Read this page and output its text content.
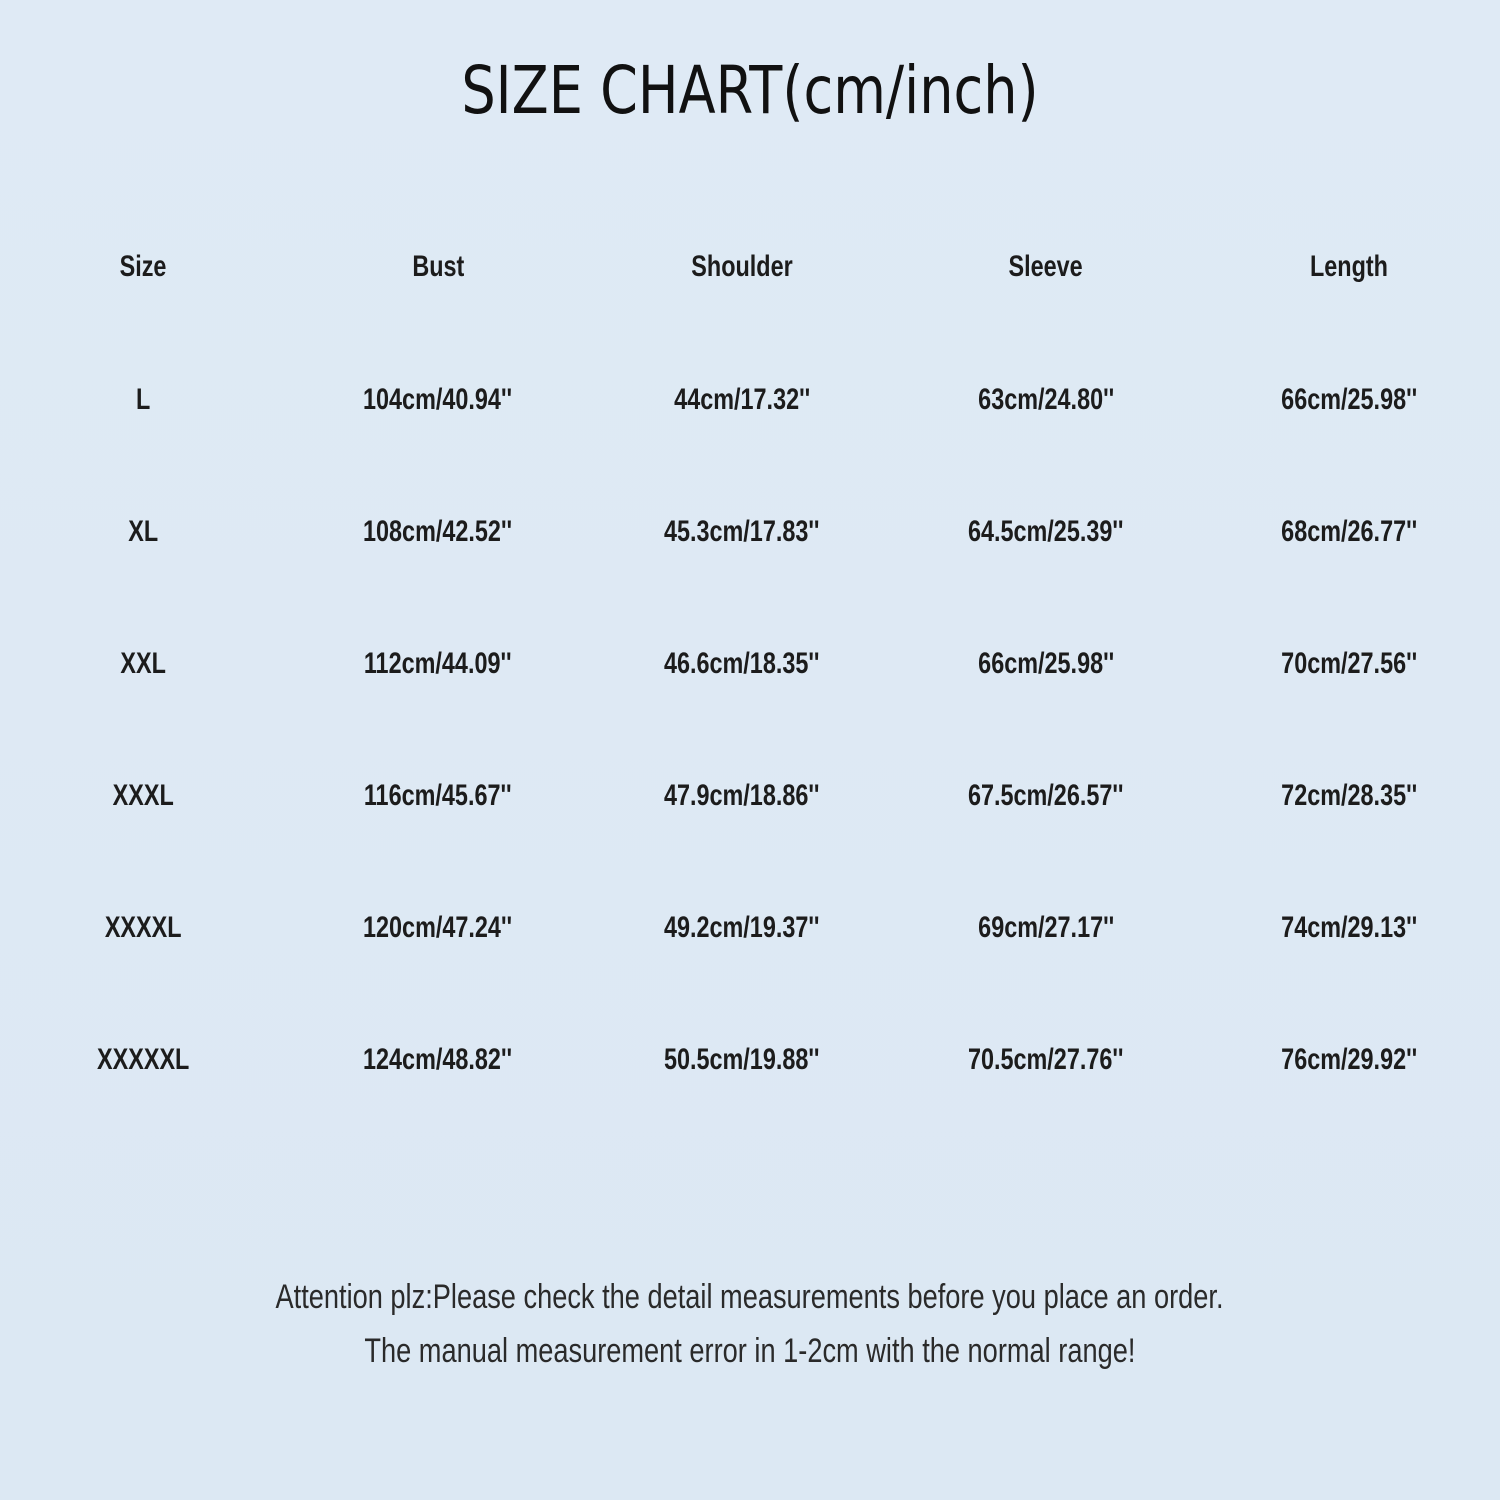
SIZE CHART(cm/inch)
Size	Bust	Shoulder	Sleeve	Length
L	104cm/40.94''	44cm/17.32''	63cm/24.80''	66cm/25.98''
XL	108cm/42.52''	45.3cm/17.83''	64.5cm/25.39''	68cm/26.77''
XXL	112cm/44.09''	46.6cm/18.35''	66cm/25.98''	70cm/27.56''
XXXL	116cm/45.67''	47.9cm/18.86''	67.5cm/26.57''	72cm/28.35''
XXXXL	120cm/47.24''	49.2cm/19.37''	69cm/27.17''	74cm/29.13''
XXXXXL	124cm/48.82''	50.5cm/19.88''	70.5cm/27.76''	76cm/29.92''
Attention plz:Please check the detail measurements before you place an order.
The manual measurement error in 1-2cm with the normal range!
